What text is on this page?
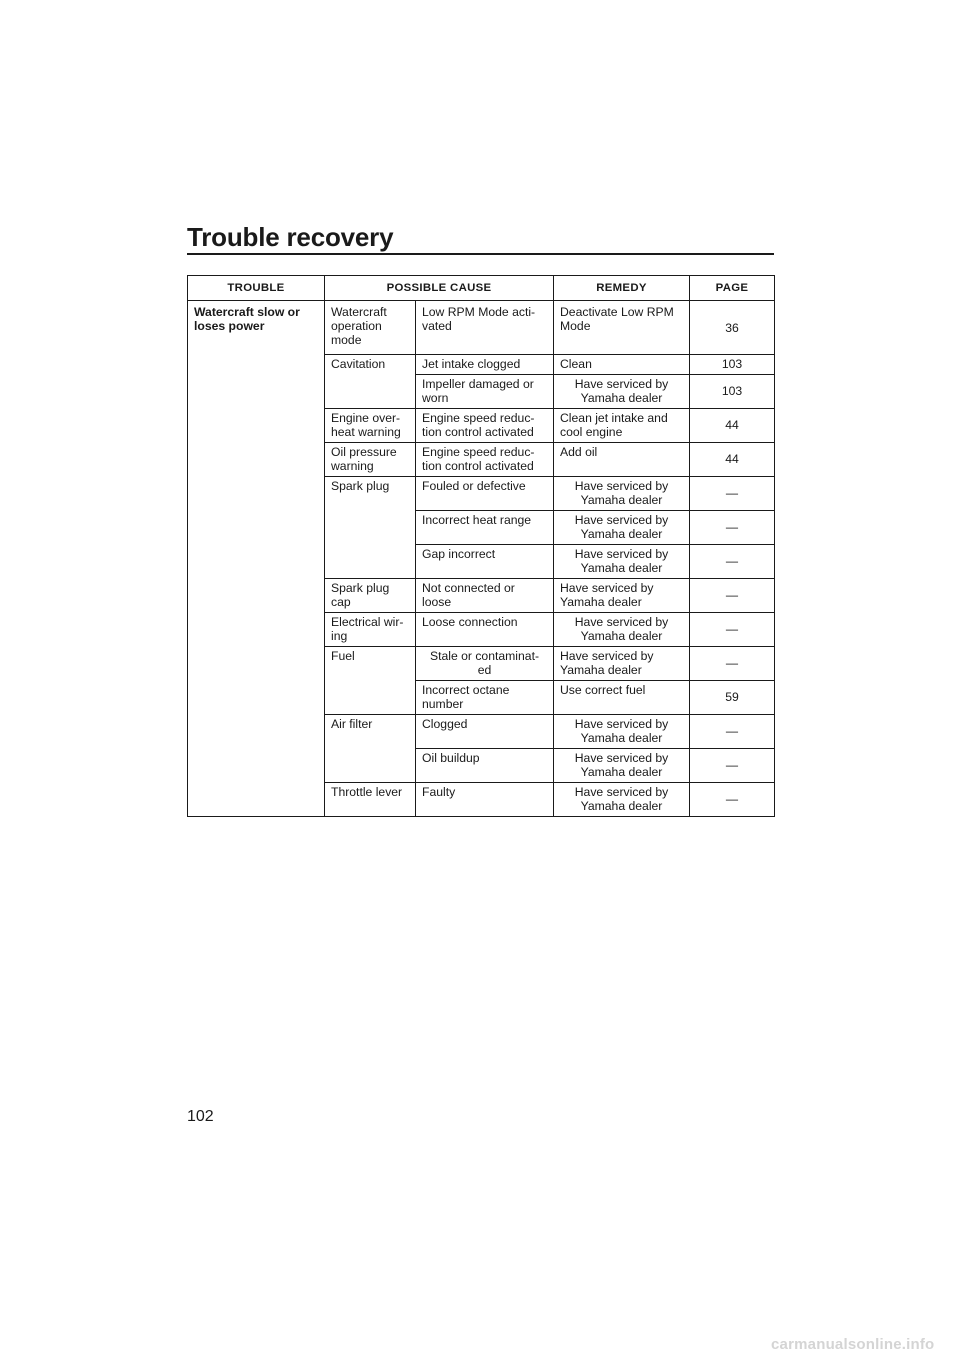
Trouble recovery
TROUBLE	POSSIBLE CAUSE		REMEDY	PAGE

Watercraft slow or
loses power	Watercraft
operation
mode	Low RPM Mode acti-
vated	Deactivate Low RPM
Mode	36

	Cavitation	Jet intake clogged	Clean	103

		Impeller damaged or
worn	Have serviced by
Yamaha dealer	103

	Engine over-
heat warning	Engine speed reduc-
tion control activated	Clean jet intake and
cool engine	44

	Oil pressure
warning	Engine speed reduc-
tion control activated	Add oil	44

	Spark plug	Fouled or defective	Have serviced by
Yamaha dealer	—

		Incorrect heat range	Have serviced by
Yamaha dealer	—

		Gap incorrect	Have serviced by
Yamaha dealer	—

	Spark plug
cap	Not connected or
loose	Have serviced by
Yamaha dealer	—

	Electrical wir-
ing	Loose connection	Have serviced by
Yamaha dealer	—

	Fuel	Stale or contaminat-
ed	Have serviced by
Yamaha dealer	—

		Incorrect octane
number	Use correct fuel	59

	Air filter	Clogged	Have serviced by
Yamaha dealer	—

		Oil buildup	Have serviced by
Yamaha dealer	—

	Throttle lever	Faulty	Have serviced by
Yamaha dealer	—

102

carmanualsonline.info
